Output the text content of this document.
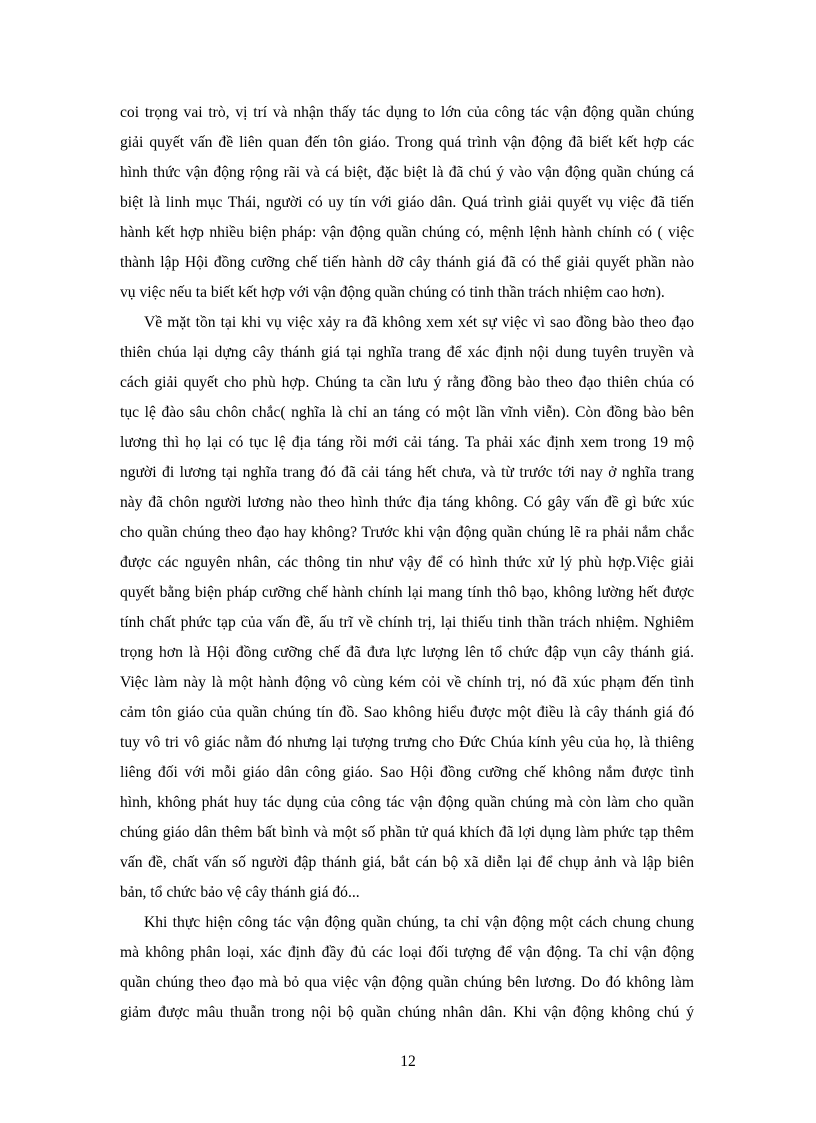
coi trọng vai trò, vị trí và nhận thấy tác dụng to lớn của công tác vận động quần chúng
giải quyết vấn đề liên quan đến tôn giáo. Trong quá trình vận động đã biết kết hợp các
hình thức vận động rộng rãi và cá biệt, đặc biệt là đã chú ý vào vận động quần chúng cá
biệt là linh mục Thái, người có uy tín với giáo dân. Quá trình giải quyết vụ việc đã tiến
hành kết hợp nhiều biện pháp: vận động quần chúng có, mệnh lệnh hành chính có ( việc
thành lập Hội đồng cưỡng chế tiến hành dỡ cây thánh giá đã có thể giải quyết phần nào
vụ việc nếu ta biết kết hợp với vận động quần chúng có tinh thần trách nhiệm cao hơn).
Về mặt tồn tại khi vụ việc xảy ra đã không xem xét sự việc vì sao đồng bào theo đạo
thiên chúa lại dựng cây thánh giá tại nghĩa trang để xác định nội dung tuyên truyền và
cách giải quyết cho phù hợp. Chúng ta cần lưu ý rằng đồng bào theo đạo thiên chúa có
tục lệ đào sâu chôn chắc( nghĩa là chỉ an táng có một lần vĩnh viễn). Còn đồng bào bên
lương thì họ lại có tục lệ địa táng rồi mới cải táng. Ta phải xác định xem trong 19 mộ
người đi lương tại nghĩa trang đó đã cải táng hết chưa, và từ trước tới nay ở nghĩa trang
này đã chôn người lương nào theo hình thức địa táng không. Có gây vấn đề gì bức xúc
cho quần chúng theo đạo hay không? Trước khi vận động quần chúng lẽ ra phải nắm chắc
được các nguyên nhân, các thông tin như vậy để có hình thức xử lý phù hợp.Việc giải
quyết bằng biện pháp cưỡng chế hành chính lại mang tính thô bạo, không lường hết được
tính chất phức tạp của vấn đề, ấu trĩ về chính trị, lại thiếu tinh thần trách nhiệm. Nghiêm
trọng hơn là Hội đồng cưỡng chế đã đưa lực lượng lên tổ chức đập vụn cây thánh giá.
Việc làm này là một hành động vô cùng kém cỏi về chính trị, nó đã xúc phạm đến tình
cảm tôn giáo của quần chúng tín đồ. Sao không hiểu được một điều là cây thánh giá đó
tuy vô tri vô giác nằm đó nhưng lại tượng trưng cho Đức Chúa kính yêu của họ, là thiêng
liêng đối với mỗi giáo dân công giáo. Sao Hội đồng cưỡng chế không nắm được tình
hình, không phát huy tác dụng của công tác vận động quần chúng mà còn làm cho quần
chúng giáo dân thêm bất bình và một số phần tử quá khích đã lợi dụng làm phức tạp thêm
vấn đề, chất vấn số người đập thánh giá, bắt cán bộ xã diễn lại để chụp ảnh và lập biên
bản, tổ chức bảo vệ cây thánh giá đó...
Khi thực hiện công tác vận động quần chúng, ta chỉ vận động một cách chung chung
mà không phân loại, xác định đầy đủ các loại đối tượng để vận động. Ta chỉ vận động
quần chúng theo đạo mà bỏ qua việc vận động quần chúng bên lương. Do đó không làm
giảm được mâu thuẫn trong nội bộ quần chúng nhân dân. Khi vận động không chú ý
12
